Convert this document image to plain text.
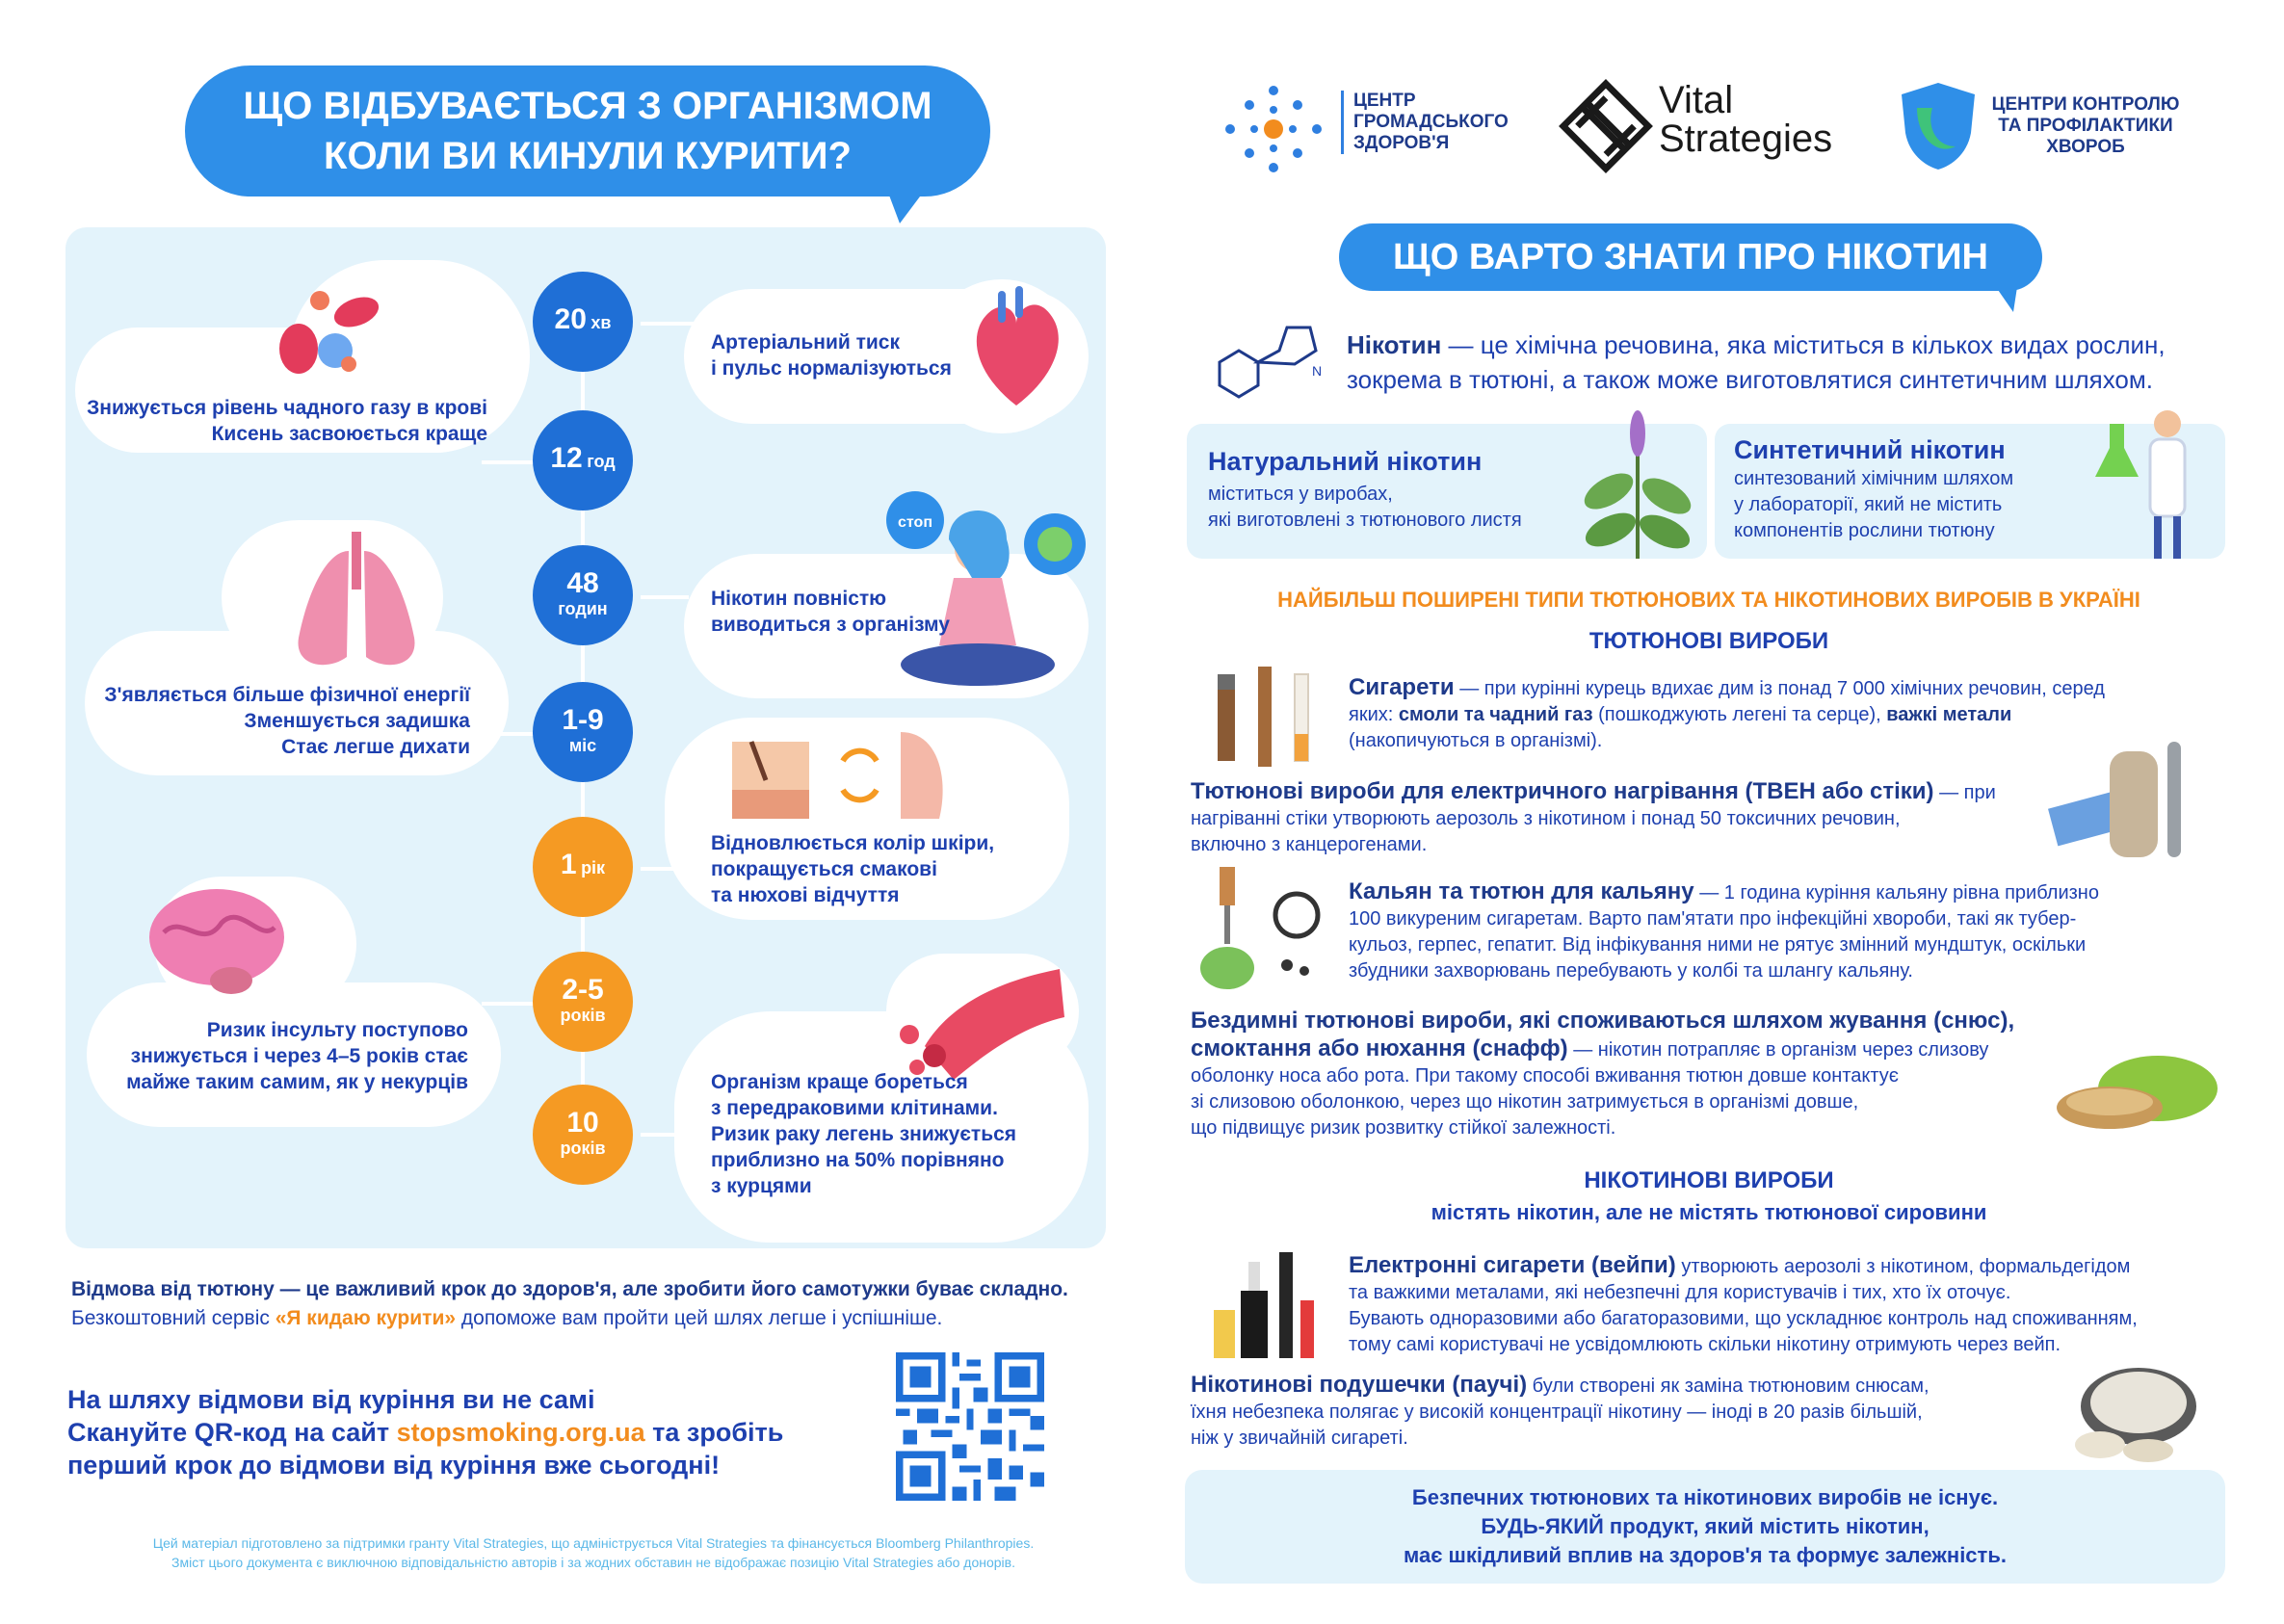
ЩО ВІДБУВАЄТЬСЯ З ОРГАНІЗМОМ
КОЛИ ВИ КИНУЛИ КУРИТИ?
20 хв
12 год
48
годин
1-9
міс
1 рік
2-5
років
10
років
стоп
Артеріальний тиск
і пульс нормалізуються
Знижується рівень чадного газу в крові
Кисень засвоюється краще
Нікотин повністю
виводиться з організму
З'являється більше фізичної енергії
Зменшується задишка
Стає легше дихати
Відновлюється колір шкіри,
покращується смакові
та нюхові відчуття
Ризик інсульту поступово
знижується і через 4–5 років стає
майже таким самим, як у некурців	Організм краще бореться
з передраковими клітинами.
Ризик раку легень знижується
приблизно на 50% порівняно
з курцями
Відмова від тютюну — це важливий крок до здоров'я, але зробити його самотужки буває складно.
Безкоштовний сервіс «Я кидаю курити» допоможе вам пройти цей шлях легше і успішніше.
На шляху відмови від куріння ви не самі
Скануйте QR-код на сайт stopsmoking.org.ua та зробіть
перший крок до відмови від куріння вже сьогодні!
Цей матеріал підготовлено за підтримки гранту Vital Strategies, що адмініструється Vital Strategies та фінансується Bloomberg Philanthropies.
Зміст цього документа є виключною відповідальністю авторів і за жодних обставин не відображає позицію Vital Strategies або донорів.
ЦЕНТР
ГРОМАДСЬКОГО
ЗДОРОВ'Я
Vital
Strategies
ЦЕНТРИ КОНТРОЛЮ
ТА ПРОФІЛАКТИКИ
ХВОРОБ
ЩО ВАРТО ЗНАТИ ПРО НІКОТИН
N
Нікотин — це хімічна речовина, яка міститься в кількох видах рослин,
зокрема в тютюні, а також може виготовлятися синтетичним шляхом.
Натуральний нікотин
міститься у виробах,
які виготовлені з тютюнового листя
Синтетичний нікотин
синтезований хімічним шляхом
у лабораторії, який не містить
компонентів рослини тютюну
НАЙБІЛЬШ ПОШИРЕНІ ТИПИ ТЮТЮНОВИХ ТА НІКОТИНОВИХ ВИРОБІВ В УКРАЇНІ
ТЮТЮНОВІ ВИРОБИ
Сигарети — при курінні курець вдихає дим із понад 7 000 хімічних речовин, серед
яких: смоли та чадний газ (пошкоджують легені та серце), важкі метали
(накопичуються в організмі).
Тютюнові вироби для електричного нагрівання (ТВЕН або стіки) — при
нагріванні стіки утворюють аерозоль з нікотином і понад 50 токсичних речовин,
включно з канцерогенами.
Кальян та тютюн для кальяну — 1 година куріння кальяну рівна приблизно
100 викуреним сигаретам. Варто пам'ятати про інфекційні хвороби, такі як тубер-
кульоз, герпес, гепатит. Від інфікування ними не рятує змінний мундштук, оскільки
збудники захворювань перебувають у колбі та шлангу кальяну.
Бездимні тютюнові вироби, які споживаються шляхом жування (снюс),
смоктання або нюхання (снафф) — нікотин потрапляє в організм через слизову
оболонку носа або рота. При такому способі вживання тютюн довше контактує
зі слизовою оболонкою, через що нікотин затримується в організмі довше,
що підвищує ризик розвитку стійкої залежності.
НІКОТИНОВІ ВИРОБИ
містять нікотин, але не містять тютюнової сировини
Електронні сигарети (вейпи) утворюють аерозолі з нікотином, формальдегідом
та важкими металами, які небезпечні для користувачів і тих, хто їх оточує.
Бувають одноразовими або багаторазовими, що ускладнює контроль над споживанням,
тому самі користувачі не усвідомлюють скільки нікотину отримують через вейп.
Нікотинові подушечки (паучі) були створені як заміна тютюновим снюсам,
їхня небезпека полягає у високій концентрації нікотину — іноді в 20 разів більшій,
ніж у звичайній сигареті.
Безпечних тютюнових та нікотинових виробів не існує.
БУДЬ-ЯКИЙ продукт, який містить нікотин,
має шкідливий вплив на здоров'я та формує залежність.
